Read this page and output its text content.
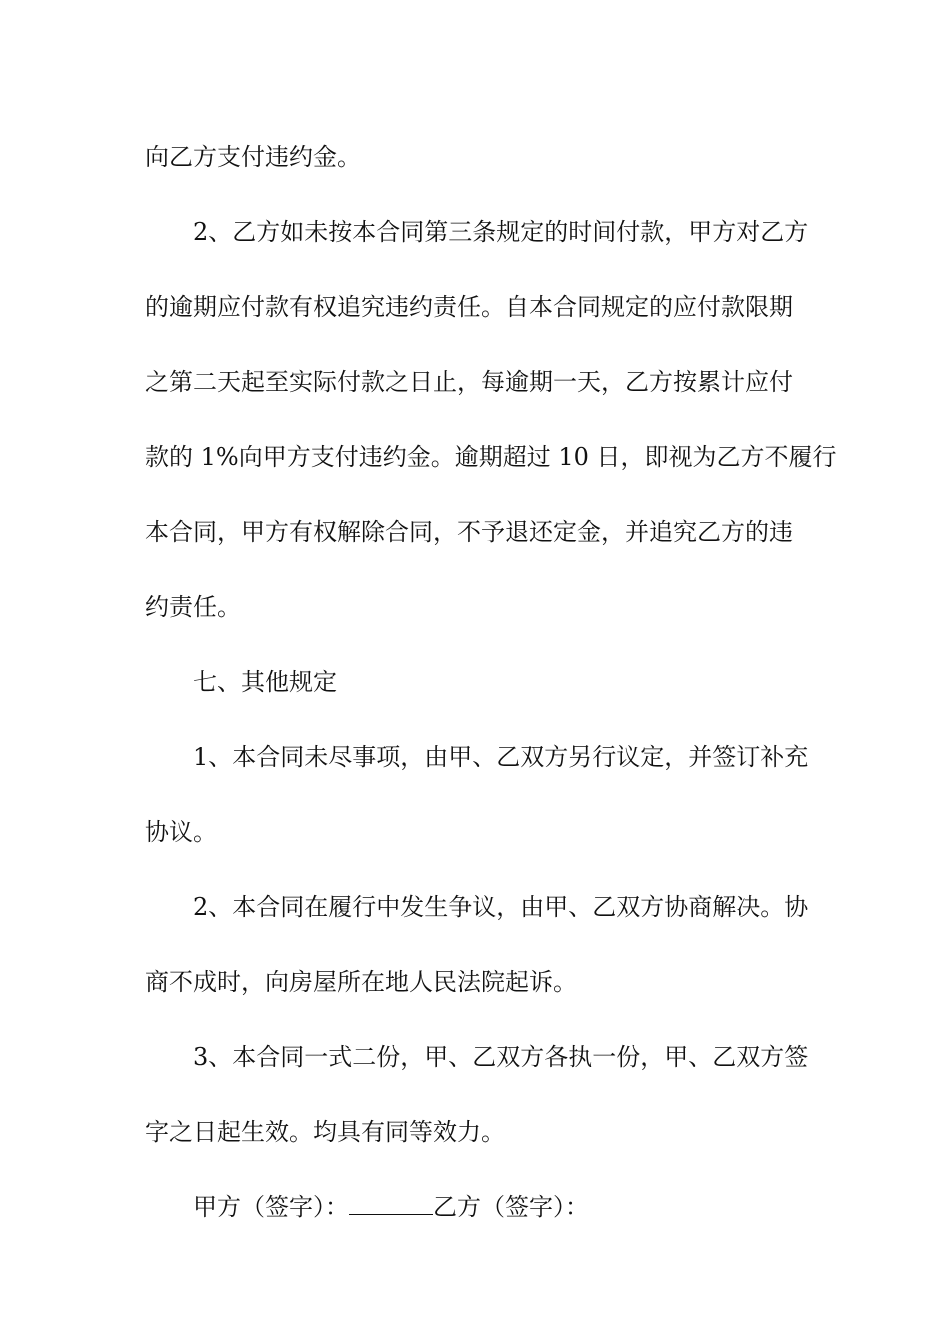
向乙方支付违约金。
2、乙方如未按本合同第三条规定的时间付款，甲方对乙方
的逾期应付款有权追究违约责任。自本合同规定的应付款限期
之第二天起至实际付款之日止，每逾期一天，乙方按累计应付
款的 1%向甲方支付违约金。逾期超过 10 日，即视为乙方不履行
本合同，甲方有权解除合同，不予退还定金，并追究乙方的违
约责任。
七、其他规定
1、本合同未尽事项，由甲、乙双方另行议定，并签订补充
协议。
2、本合同在履行中发生争议，由甲、乙双方协商解决。协
商不成时，向房屋所在地人民法院起诉。
3、本合同一式二份，甲、乙双方各执一份，甲、乙双方签
字之日起生效。均具有同等效力。
甲方（签字）：	乙方（签字）：
